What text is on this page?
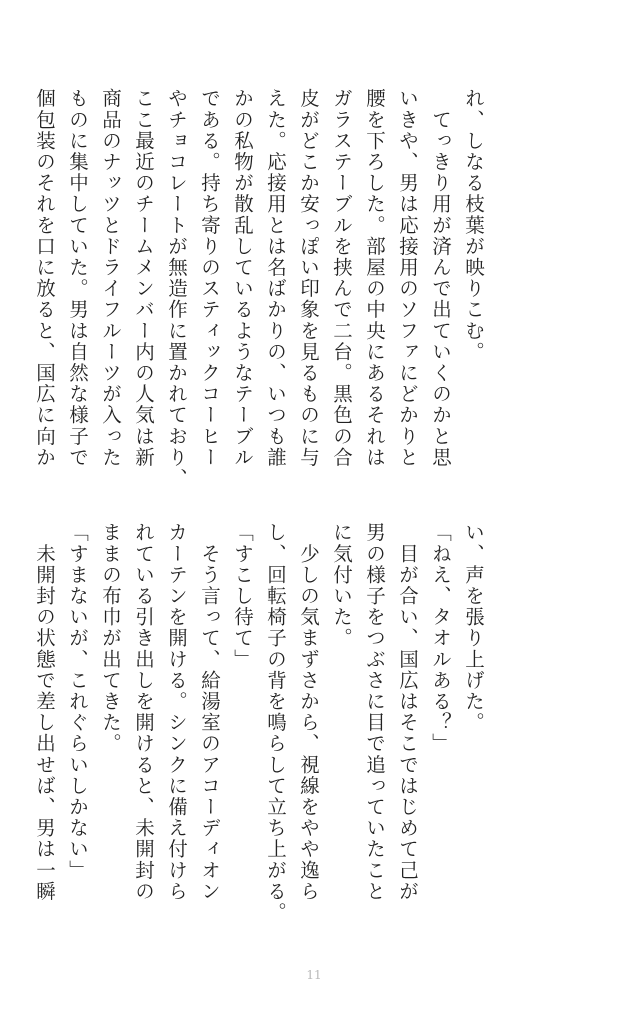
れ、しなる枝葉が映りこむ。
　てっきり用が済んで出ていくのかと思
いきや、男は応接用のソファにどかりと
腰を下ろした。部屋の中央にあるそれは
ガラステーブルを挟んで二台。黒色の合
皮がどこか安っぽい印象を見るものに与
えた。応接用とは名ばかりの、いつも誰
かの私物が散乱しているようなテーブル
である。持ち寄りのスティックコーヒー
やチョコレートが無造作に置かれており、
ここ最近のチームメンバー内の人気は新
商品のナッツとドライフルーツが入った
ものに集中していた。男は自然な様子で
個包装のそれを口に放ると、国広に向か
い、声を張り上げた。
「ねえ、タオルある？」
　目が合い、国広はそこではじめて己が
男の様子をつぶさに目で追っていたこと
に気付いた。
　少しの気まずさから、視線をやや逸ら
し、回転椅子の背を鳴らして立ち上がる。
「すこし待て」
　そう言って、給湯室のアコーディオン
カーテンを開ける。シンクに備え付けら
れている引き出しを開けると、未開封の
ままの布巾が出てきた。
「すまないが、これぐらいしかない」
　未開封の状態で差し出せば、男は一瞬
11
